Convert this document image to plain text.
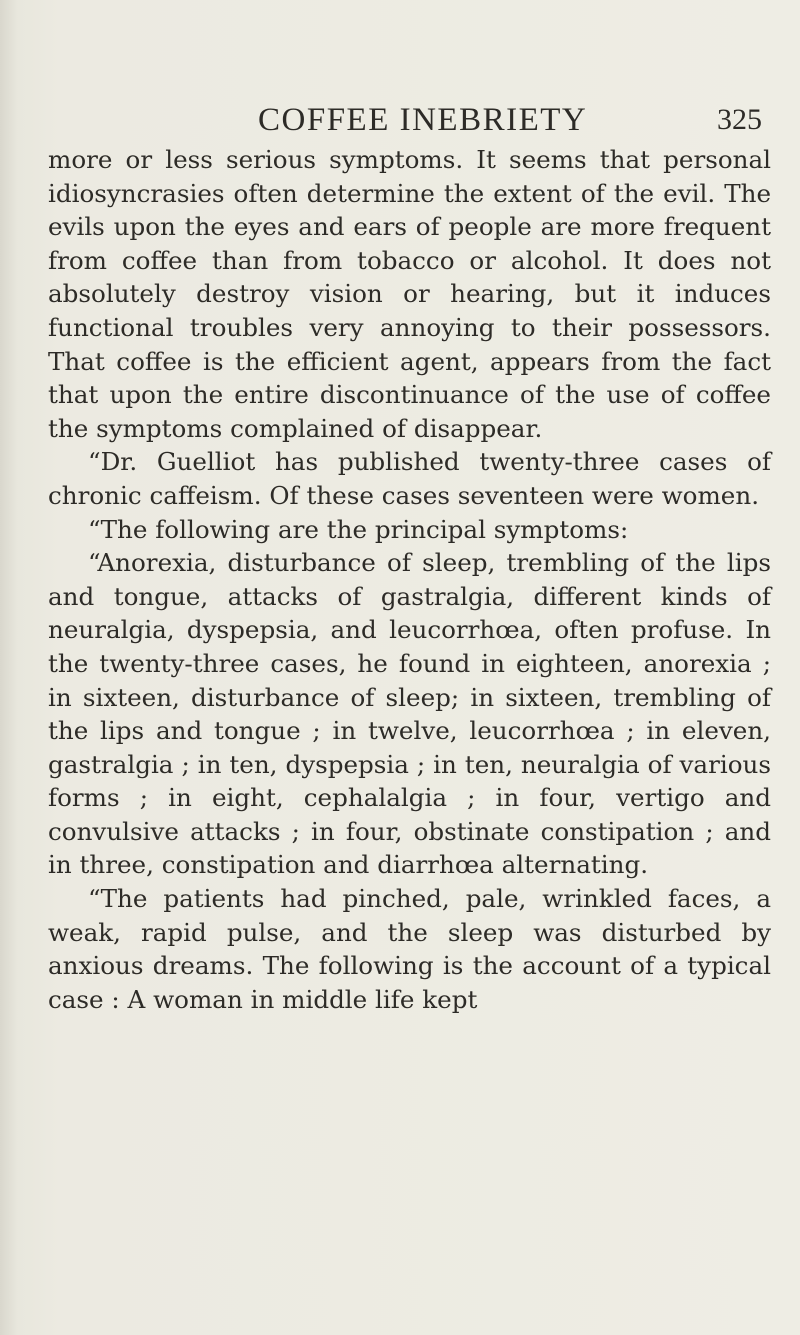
COFFEE INEBRIETY	325

more or less serious symptoms. It seems that personal idiosyncrasies often determine the extent of the evil. The evils upon the eyes and ears of people are more frequent from coffee than from tobacco or alcohol. It does not absolutely destroy vision or hearing, but it induces functional troubles very annoying to their possessors. That coffee is the efficient agent, appears from the fact that upon the entire discontinuance of the use of coffee the symptoms complained of disappear.

“Dr. Guelliot has published twenty-three cases of chronic caffeism. Of these cases seventeen were women.

“The following are the principal symptoms:

“Anorexia, disturbance of sleep, trembling of the lips and tongue, attacks of gastralgia, different kinds of neuralgia, dyspepsia, and leucorrhœa, often profuse. In the twenty-three cases, he found in eighteen, anorexia ; in sixteen, disturbance of sleep; in sixteen, trembling of the lips and tongue ; in twelve, leucorrhœa ; in eleven, gastralgia ; in ten, dyspepsia ; in ten, neuralgia of various forms ; in eight, cephalalgia ; in four, vertigo and convulsive attacks ; in four, obstinate constipation ; and in three, constipation and diarrhœa alternating.

“The patients had pinched, pale, wrinkled faces, a weak, rapid pulse, and the sleep was disturbed by anxious dreams. The following is the account of a typical case : A woman in middle life kept
